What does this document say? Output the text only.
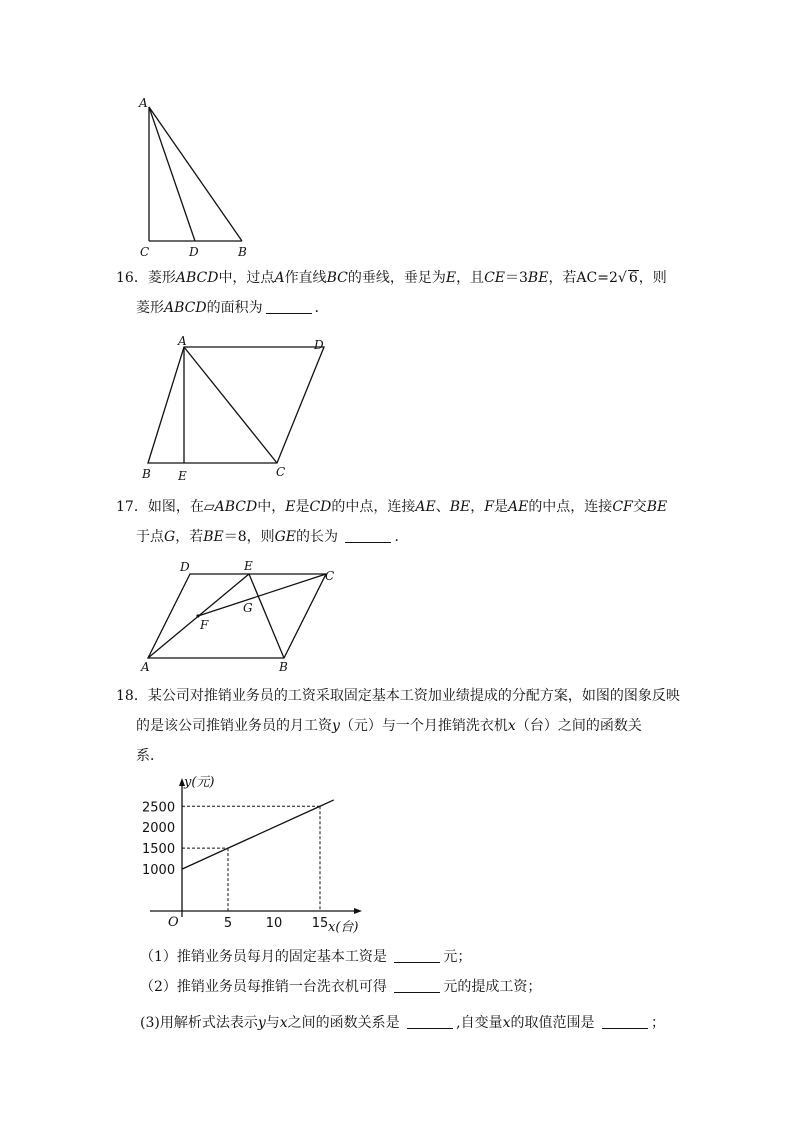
A
C	D	B
16．菱形ABCD中，过点A作直线BC的垂线，垂足为E，且CE＝3BE，若AC=2√ 6，则
菱形ABCD的面积为	．
A	D
B E	C
17．如图，在▱ABCD中，E是CD的中点，连接AE、BE，F是AE的中点，连接CF交BE
于点G，若BE＝8，则GE的长为	．
D	E
C
G
F
A	B
18．某公司对推销业务员的工资采取固定基本工资加业绩提成的分配方案，如图的图象反映
的是该公司推销业务员的月工资y（元）与一个月推销洗衣机x（台）之间的函数关
系．
y(元)
x(台)
O
1000
1500
2000
2500
5	10 15
（1）推销业务员每月的固定基本工资是	元；
（2）推销业务员每推销一台洗衣机可得	元的提成工资；
(3)用解析式法表示y与x之间的函数关系是	,自变量x的取值范围是	；
